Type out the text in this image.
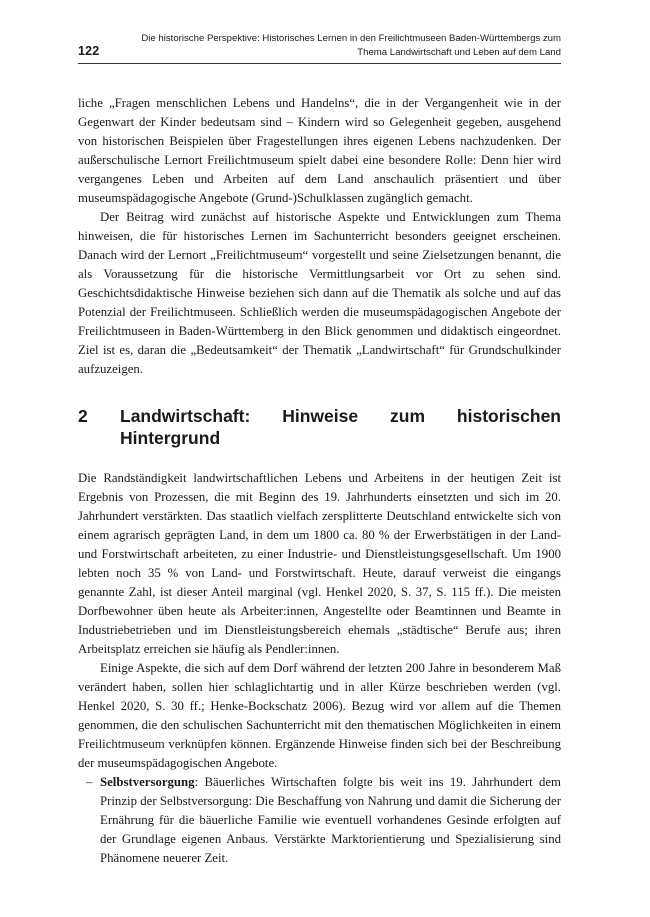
122
Die historische Perspektive: Historisches Lernen in den Freilichtmuseen Baden-Württembergs zum
Thema Landwirtschaft und Leben auf dem Land

liche „Fragen menschlichen Lebens und Handelns“, die in der Vergangenheit wie in der Gegenwart der Kinder bedeutsam sind – Kindern wird so Gelegenheit gegeben, ausgehend von historischen Beispielen über Fragestellungen ihres eigenen Lebens nachzudenken. Der außerschulische Lernort Freilichtmuseum spielt dabei eine besondere Rolle: Denn hier wird vergangenes Leben und Arbeiten auf dem Land anschaulich präsentiert und über museumspädagogische Angebote (Grund-)Schulklassen zugänglich gemacht.

Der Beitrag wird zunächst auf historische Aspekte und Entwicklungen zum Thema hinweisen, die für historisches Lernen im Sachunterricht besonders geeignet erscheinen. Danach wird der Lernort „Freilichtmuseum“ vorgestellt und seine Zielsetzungen benannt, die als Voraussetzung für die historische Vermittlungsarbeit vor Ort zu sehen sind. Geschichtsdidaktische Hinweise beziehen sich dann auf die Thematik als solche und auf das Potenzial der Freilichtmuseen. Schließlich werden die museumspädagogischen Angebote der Freilichtmuseen in Baden-Württemberg in den Blick genommen und didaktisch eingeordnet. Ziel ist es, daran die „Bedeutsamkeit“ der Thematik „Landwirtschaft“ für Grundschulkinder aufzuzeigen.

2	Landwirtschaft: Hinweise zum historischen Hintergrund

Die Randständigkeit landwirtschaftlichen Lebens und Arbeitens in der heutigen Zeit ist Ergebnis von Prozessen, die mit Beginn des 19. Jahrhunderts einsetzten und sich im 20. Jahrhundert verstärkten. Das staatlich vielfach zersplitterte Deutschland entwickelte sich von einem agrarisch geprägten Land, in dem um 1800 ca. 80 % der Erwerbstätigen in der Land- und Forstwirtschaft arbeiteten, zu einer Industrie- und Dienstleistungsgesellschaft. Um 1900 lebten noch 35 % von Land- und Forstwirtschaft. Heute, darauf verweist die eingangs genannte Zahl, ist dieser Anteil marginal (vgl. Henkel 2020, S. 37, S. 115 ff.). Die meisten Dorfbewohner üben heute als Arbeiter:innen, Angestellte oder Beamtinnen und Beamte in Industriebetrieben und im Dienstleistungsbereich ehemals „städtische“ Berufe aus; ihren Arbeitsplatz erreichen sie häufig als Pendler:innen.

Einige Aspekte, die sich auf dem Dorf während der letzten 200 Jahre in besonderem Maß verändert haben, sollen hier schlaglichtartig und in aller Kürze beschrieben werden (vgl. Henkel 2020, S. 30 ff.; Henke-Bockschatz 2006). Bezug wird vor allem auf die Themen genommen, die den schulischen Sachunterricht mit den thematischen Möglichkeiten in einem Freilichtmuseum verknüpfen können. Ergänzende Hinweise finden sich bei der Beschreibung der museumspädagogischen Angebote.

– Selbstversorgung: Bäuerliches Wirtschaften folgte bis weit ins 19. Jahrhundert dem Prinzip der Selbstversorgung: Die Beschaffung von Nahrung und damit die Sicherung der Ernährung für die bäuerliche Familie wie eventuell vorhandenes Gesinde erfolgten auf der Grundlage eigenen Anbaus. Verstärkte Marktorientierung und Spezialisierung sind Phänomene neuerer Zeit.
